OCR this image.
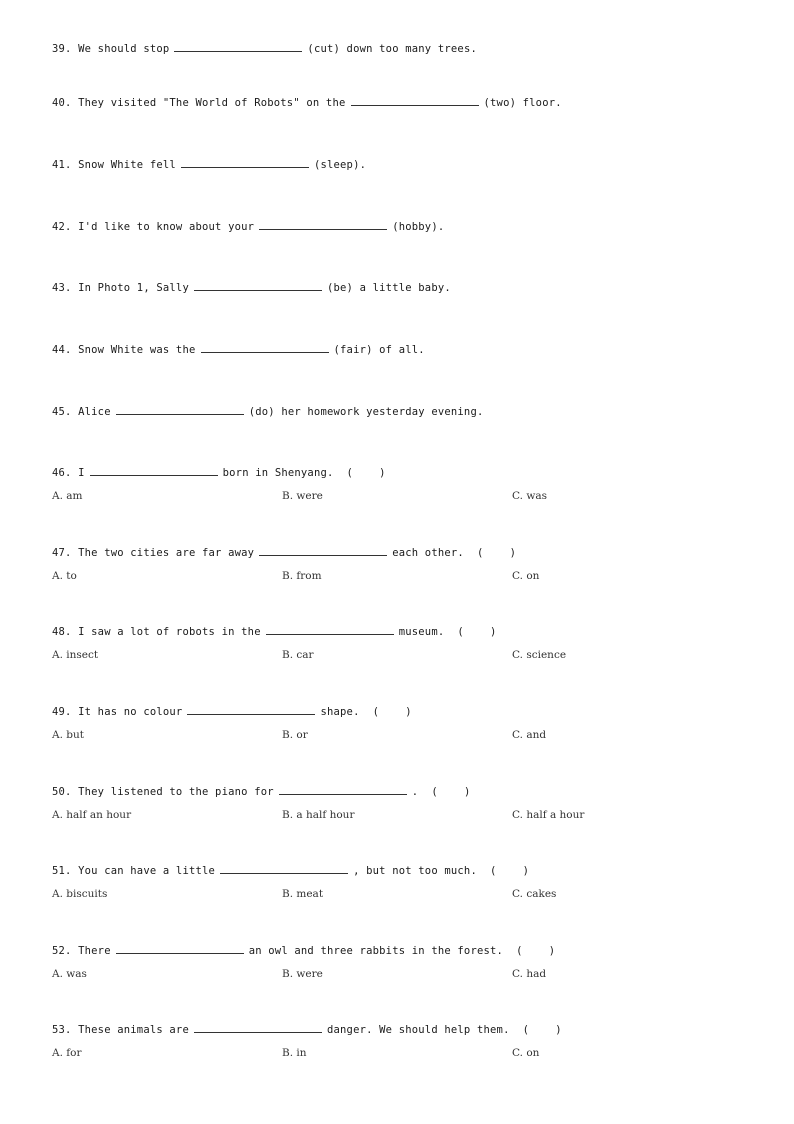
39. We should stop	(cut) down too many trees.
40. They visited "The World of Robots" on the	(two) floor.
41. Snow White fell	(sleep).
42. I'd like to know about your	(hobby).
43. In Photo 1, Sally	(be) a little baby.
44. Snow White was the	(fair) of all.
45. Alice	(do) her homework yesterday evening.
46. I	born in Shenyang.  (    )
A. am	B. were	C. was
47. The two cities are far away	each other.  (    )
A. to	B. from	C. on
48. I saw a lot of robots in the	museum.  (    )
A. insect	B. car	C. science
49. It has no colour	shape.  (    )
A. but	B. or	C. and
50. They listened to the piano for	.  (    )
A. half an hour	B. a half hour	C. half a hour
51. You can have a little	, but not too much.  (    )
A. biscuits	B. meat	C. cakes
52. There	an owl and three rabbits in the forest.  (    )
A. was	B. were	C. had
53. These animals are	danger. We should help them.  (    )
A. for	B. in	C. on
